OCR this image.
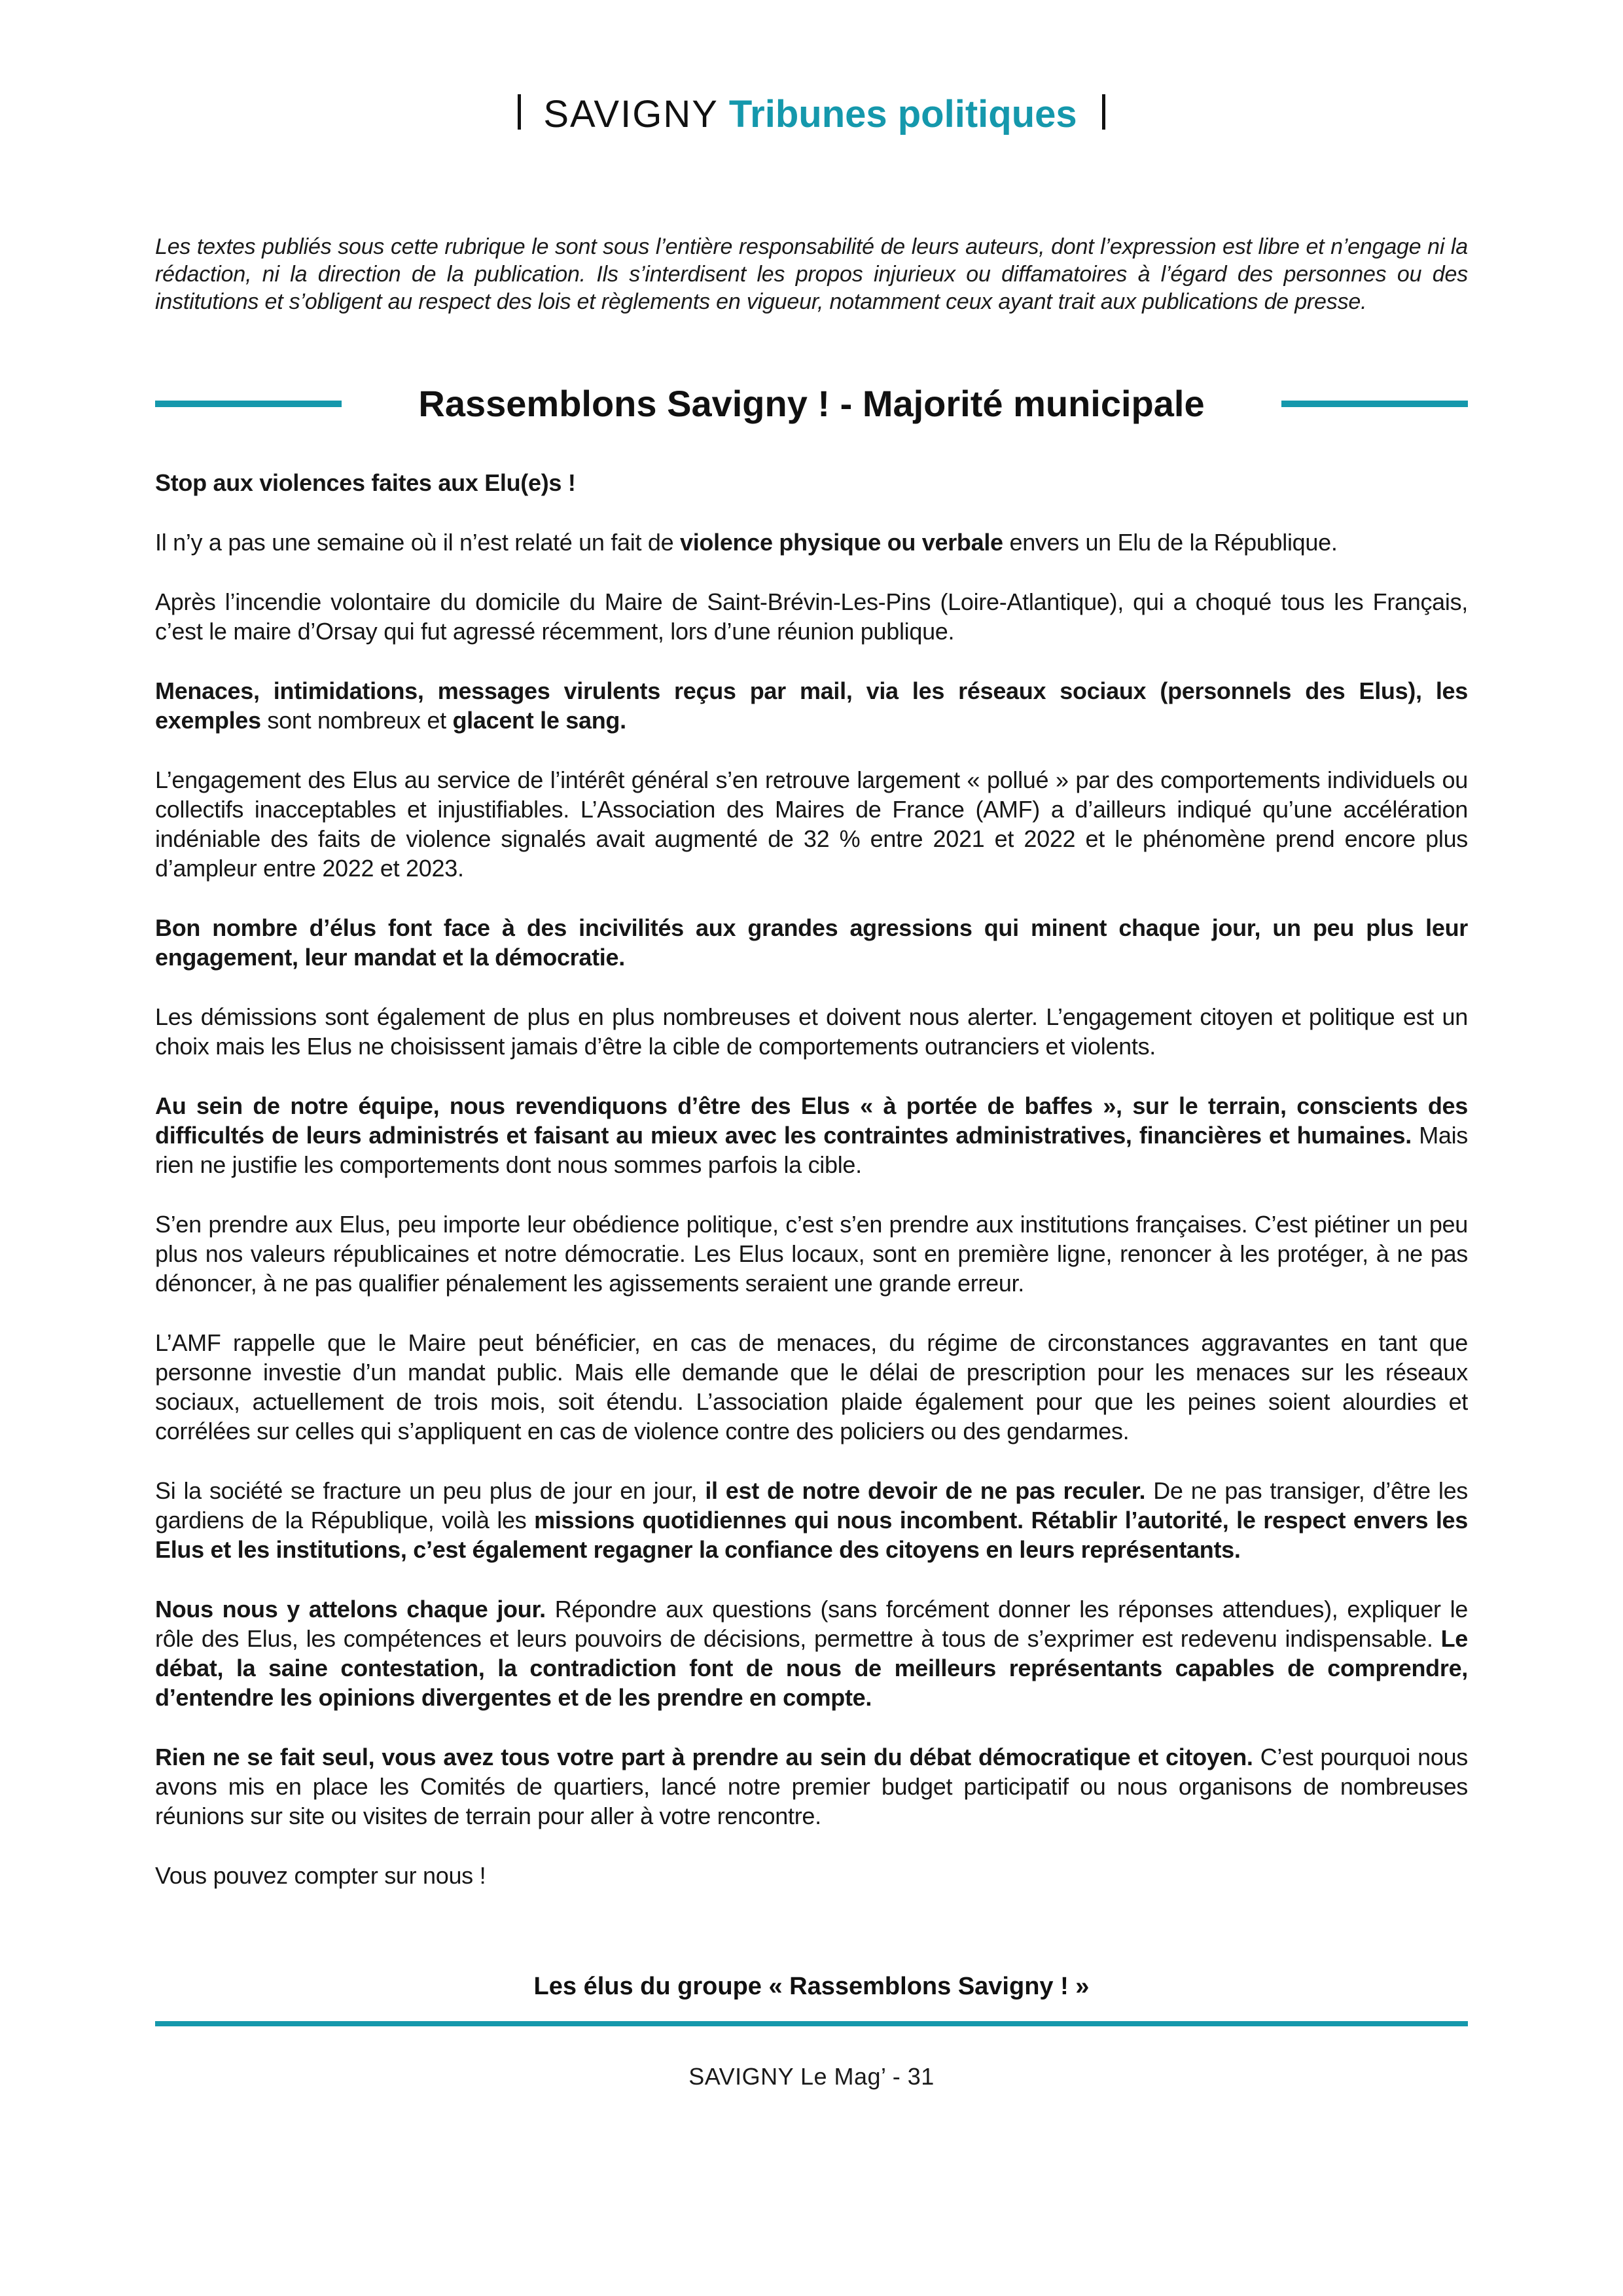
SAVIGNY Tribunes politiques

Les textes publiés sous cette rubrique le sont sous l’entière responsabilité de leurs auteurs, dont l’expression est libre et n’engage ni la rédaction, ni la direction de la publication. Ils s’interdisent les propos injurieux ou diffamatoires à l’égard des personnes ou des institutions et s’obligent au respect des lois et règlements en vigueur, notamment ceux ayant trait aux publications de presse.

Rassemblons Savigny ! - Majorité municipale

Stop aux violences faites aux Elu(e)s !

Il n’y a pas une semaine où il n’est relaté un fait de violence physique ou verbale envers un Elu de la République.

Après l’incendie volontaire du domicile du Maire de Saint-Brévin-Les-Pins (Loire-Atlantique), qui a choqué tous les Français, c’est le maire d’Orsay qui fut agressé récemment, lors d’une réunion publique.

Menaces, intimidations, messages virulents reçus par mail, via les réseaux sociaux (personnels des Elus), les exemples sont nombreux et glacent le sang.

L’engagement des Elus au service de l’intérêt général s’en retrouve largement « pollué » par des comportements individuels ou collectifs inacceptables et injustifiables. L’Association des Maires de France (AMF) a d’ailleurs indiqué qu’une accélération indéniable des faits de violence signalés avait augmenté de 32 % entre 2021 et 2022 et le phénomène prend encore plus d’ampleur entre 2022 et 2023.

Bon nombre d’élus font face à des incivilités aux grandes agressions qui minent chaque jour, un peu plus leur engagement, leur mandat et la démocratie.

Les démissions sont également de plus en plus nombreuses et doivent nous alerter. L’engagement citoyen et politique est un choix mais les Elus ne choisissent jamais d’être la cible de comportements outranciers et violents.

Au sein de notre équipe, nous revendiquons d’être des Elus « à portée de baffes », sur le terrain, conscients des difficultés de leurs administrés et faisant au mieux avec les contraintes administratives, financières et humaines. Mais rien ne justifie les comportements dont nous sommes parfois la cible.

S’en prendre aux Elus, peu importe leur obédience politique, c’est s’en prendre aux institutions françaises. C’est piétiner un peu plus nos valeurs républicaines et notre démocratie. Les Elus locaux, sont en première ligne, renoncer à les protéger, à ne pas dénoncer, à ne pas qualifier pénalement les agissements seraient une grande erreur.

L’AMF rappelle que le Maire peut bénéficier, en cas de menaces, du régime de circonstances aggravantes en tant que personne investie d’un mandat public. Mais elle demande que le délai de prescription pour les menaces sur les réseaux sociaux, actuellement de trois mois, soit étendu. L’association plaide également pour que les peines soient alourdies et corrélées sur celles qui s’appliquent en cas de violence contre des policiers ou des gendarmes.

Si la société se fracture un peu plus de jour en jour, il est de notre devoir de ne pas reculer. De ne pas transiger, d’être les gardiens de la République, voilà les missions quotidiennes qui nous incombent. Rétablir l’autorité, le respect envers les Elus et les institutions, c’est également regagner la confiance des citoyens en leurs représentants.

Nous nous y attelons chaque jour. Répondre aux questions (sans forcément donner les réponses attendues), expliquer le rôle des Elus, les compétences et leurs pouvoirs de décisions, permettre à tous de s’exprimer est redevenu indispensable. Le débat, la saine contestation, la contradiction font de nous de meilleurs représentants capables de comprendre, d’entendre les opinions divergentes et de les prendre en compte.

Rien ne se fait seul, vous avez tous votre part à prendre au sein du débat démocratique et citoyen. C’est pourquoi nous avons mis en place les Comités de quartiers, lancé notre premier budget participatif ou nous organisons de nombreuses réunions sur site ou visites de terrain pour aller à votre rencontre.

Vous pouvez compter sur nous !

Les élus du groupe « Rassemblons Savigny ! »

SAVIGNY Le Mag’ - 31
